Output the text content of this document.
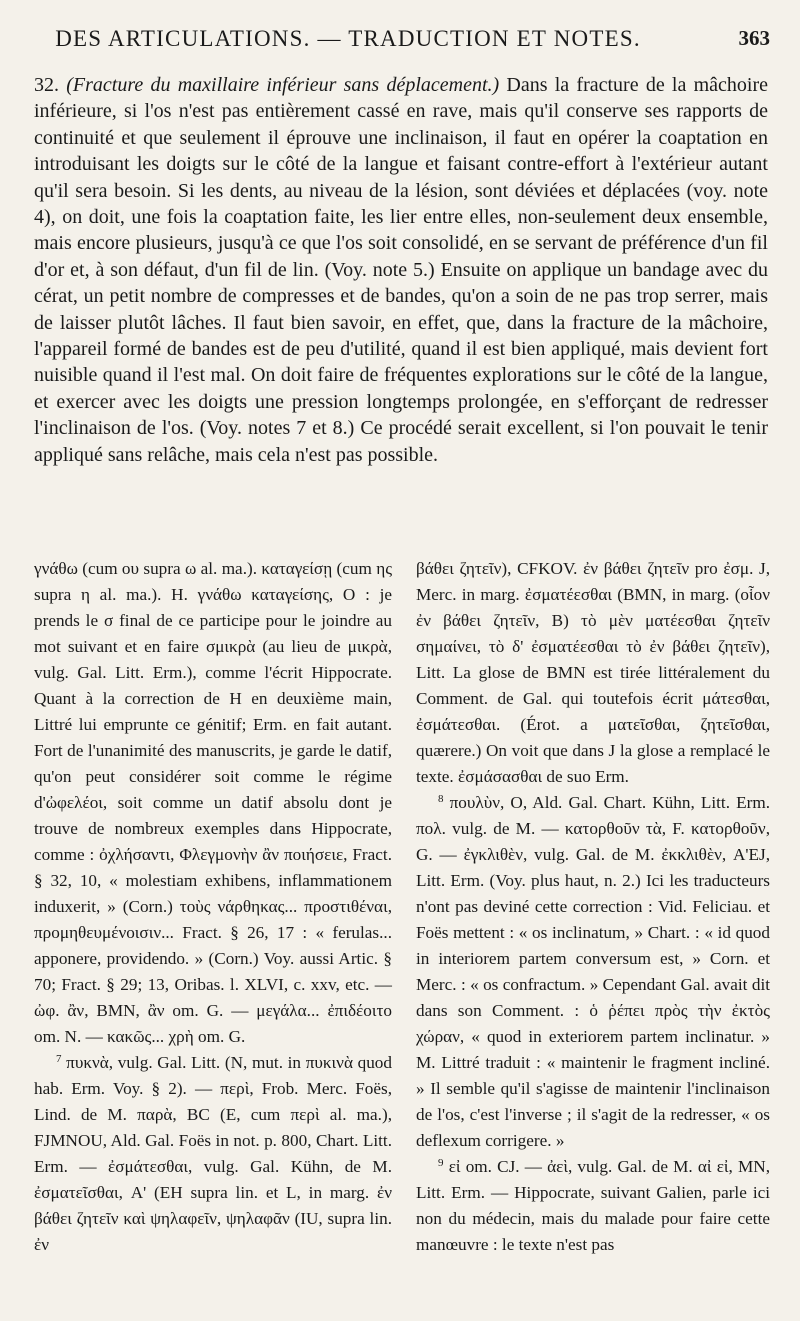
DES ARTICULATIONS. — TRADUCTION ET NOTES.	363

32. (Fracture du maxillaire inférieur sans déplacement.) Dans la fracture de la mâchoire inférieure, si l'os n'est pas entièrement cassé en rave, mais qu'il conserve ses rapports de continuité et que seulement il éprouve une inclinaison, il faut en opérer la coaptation en introduisant les doigts sur le côté de la langue et faisant contre-effort à l'extérieur autant qu'il sera besoin. Si les dents, au niveau de la lésion, sont déviées et déplacées (voy. note 4), on doit, une fois la coaptation faite, les lier entre elles, non-seulement deux ensemble, mais encore plusieurs, jusqu'à ce que l'os soit consolidé, en se servant de préférence d'un fil d'or et, à son défaut, d'un fil de lin. (Voy. note 5.) Ensuite on applique un bandage avec du cérat, un petit nombre de compresses et de bandes, qu'on a soin de ne pas trop serrer, mais de laisser plutôt lâches. Il faut bien savoir, en effet, que, dans la fracture de la mâchoire, l'appareil formé de bandes est de peu d'utilité, quand il est bien appliqué, mais devient fort nuisible quand il l'est mal. On doit faire de fréquentes explorations sur le côté de la langue, et exercer avec les doigts une pression longtemps prolongée, en s'efforçant de redresser l'inclinaison de l'os. (Voy. notes 7 et 8.) Ce procédé serait excellent, si l'on pouvait le tenir appliqué sans relâche, mais cela n'est pas possible.

γνάθω (cum ου supra ω al. ma.). καταγείσῃ (cum ης supra η al. ma.). H. γνάθω καταγείσης, O : je prends le σ final de ce participe pour le joindre au mot suivant et en faire σμικρὰ (au lieu de μικρὰ, vulg. Gal. Litt. Erm.), comme l'écrit Hippocrate. Quant à la correction de H en deuxième main, Littré lui emprunte ce génitif; Erm. en fait autant. Fort de l'unanimité des manuscrits, je garde le datif, qu'on peut considérer soit comme le régime d'ὠφελέοι, soit comme un datif absolu dont je trouve de nombreux exemples dans Hippocrate, comme : ὀχλήσαντι, Φλεγμονὴν ἂν ποιήσειε, Fract. § 32, 10, « molestiam exhibens, inflammationem induxerit, » (Corn.) τοὺς νάρθηκας... προστιθέναι, προμηθευμένοισιν... Fract. § 26, 17 : « ferulas... apponere, providendo. » (Corn.) Voy. aussi Artic. § 70; Fract. § 29; 13, Oribas. l. XLVI, c. xxv, etc. — ὠφ. ἂν, BMN, ἂν om. G. — μεγάλα... ἐπιδέοιτο om. N. — κακῶς... χρὴ om. G.

$^7$ πυκνὰ, vulg. Gal. Litt. (N, mut. in πυκινὰ quod hab. Erm. Voy. § 2). — περὶ, Frob. Merc. Foës, Lind. de M. παρὰ, BC (E, cum περὶ al. ma.), FJMNOU, Ald. Gal. Foës in not. p. 800, Chart. Litt. Erm. — ἐσμάτεσθαι, vulg. Gal. Kühn, de M. ἐσματεῖσθαι, A' (EH supra lin. et L, in marg. ἐν βάθει ζητεῖν καὶ ψηλαφεῖν, ψηλαφᾶν (IU, supra lin. ἐν

βάθει ζητεῖν), CFKOV. ἐν βάθει ζητεῖν pro ἐσμ. J, Merc. in marg. ἐσματέεσθαι (BMN, in marg. (οἷον ἐν βάθει ζητεῖν, B) τὸ μὲν ματέεσθαι ζητεῖν σημαίνει, τὸ δ' ἐσματέεσθαι τὸ ἐν βάθει ζητεῖν), Litt. La glose de BMN est tirée littéralement du Comment. de Gal. qui toutefois écrit μάτεσθαι, ἐσμάτεσθαι. (Érot. a ματεῖσθαι, ζητεῖσθαι, quærere.) On voit que dans J la glose a remplacé le texte. ἐσμάσασθαι de suo Erm.

$^8$ πουλὺν, O, Ald. Gal. Chart. Kühn, Litt. Erm. πολ. vulg. de M. — κατορθοῦν τὰ, F. κατορθοῦν, G. — ἐγκλιθὲν, vulg. Gal. de M. ἐκκλιθὲν, A'EJ, Litt. Erm. (Voy. plus haut, n. 2.) Ici les traducteurs n'ont pas deviné cette correction : Vid. Feliciau. et Foës mettent : « os inclinatum, » Chart. : « id quod in interiorem partem conversum est, » Corn. et Merc. : « os confractum. » Cependant Gal. avait dit dans son Comment. : ὁ ῥέπει πρὸς τὴν ἐκτὸς χώραν, « quod in exteriorem partem inclinatur. » M. Littré traduit : « maintenir le fragment incliné. » Il semble qu'il s'agisse de maintenir l'inclinaison de l'os, c'est l'inverse ; il s'agit de la redresser, « os deflexum corrigere. »

$^9$ εἰ om. CJ. — ἀεὶ, vulg. Gal. de M. αἰ εἰ, MN, Litt. Erm. — Hippocrate, suivant Galien, parle ici non du médecin, mais du malade pour faire cette manœuvre : le texte n'est pas
